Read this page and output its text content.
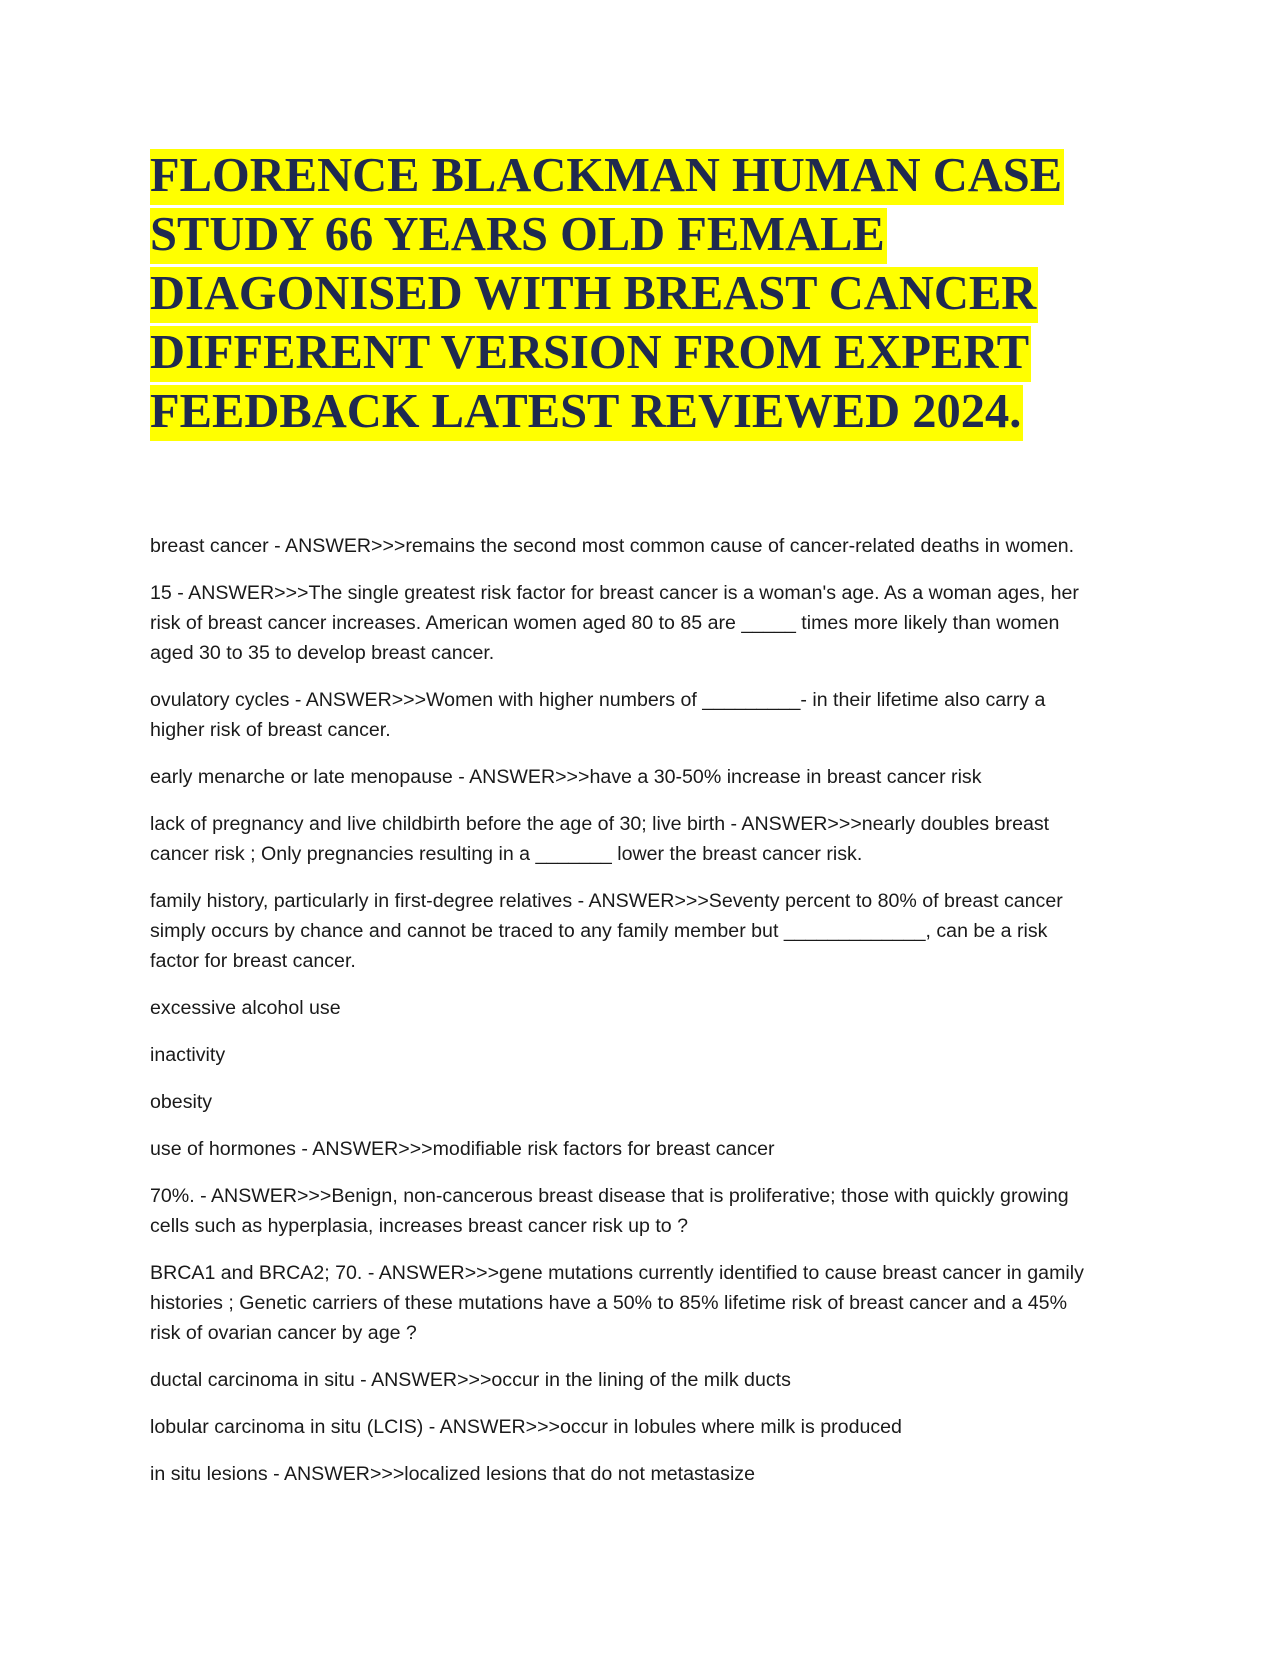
FLORENCE BLACKMAN HUMAN CASE
STUDY 66 YEARS OLD FEMALE
DIAGONISED WITH BREAST CANCER
DIFFERENT VERSION FROM EXPERT
FEEDBACK LATEST REVIEWED 2024.

breast cancer - ANSWER>>>remains the second most common cause of cancer-related deaths in women.

15 - ANSWER>>>The single greatest risk factor for breast cancer is a woman's age. As a woman ages, her

risk of breast cancer increases. American women aged 80 to 85 are _____ times more likely than women

aged 30 to 35 to develop breast cancer.

ovulatory cycles - ANSWER>>>Women with higher numbers of _________- in their lifetime also carry a

higher risk of breast cancer.

early menarche or late menopause - ANSWER>>>have a 30-50% increase in breast cancer risk

lack of pregnancy and live childbirth before the age of 30; live birth - ANSWER>>>nearly doubles breast

cancer risk ; Only pregnancies resulting in a _______ lower the breast cancer risk.

family history, particularly in first-degree relatives - ANSWER>>>Seventy percent to 80% of breast cancer

simply occurs by chance and cannot be traced to any family member but _____________, can be a risk

factor for breast cancer.

excessive alcohol use

inactivity

obesity

use of hormones - ANSWER>>>modifiable risk factors for breast cancer

70%. - ANSWER>>>Benign, non-cancerous breast disease that is proliferative; those with quickly growing

cells such as hyperplasia, increases breast cancer risk up to ?

BRCA1 and BRCA2; 70. - ANSWER>>>gene mutations currently identified to cause breast cancer in gamily

histories ; Genetic carriers of these mutations have a 50% to 85% lifetime risk of breast cancer and a 45%

risk of ovarian cancer by age ?

ductal carcinoma in situ - ANSWER>>>occur in the lining of the milk ducts

lobular carcinoma in situ (LCIS) - ANSWER>>>occur in lobules where milk is produced

in situ lesions - ANSWER>>>localized lesions that do not metastasize
